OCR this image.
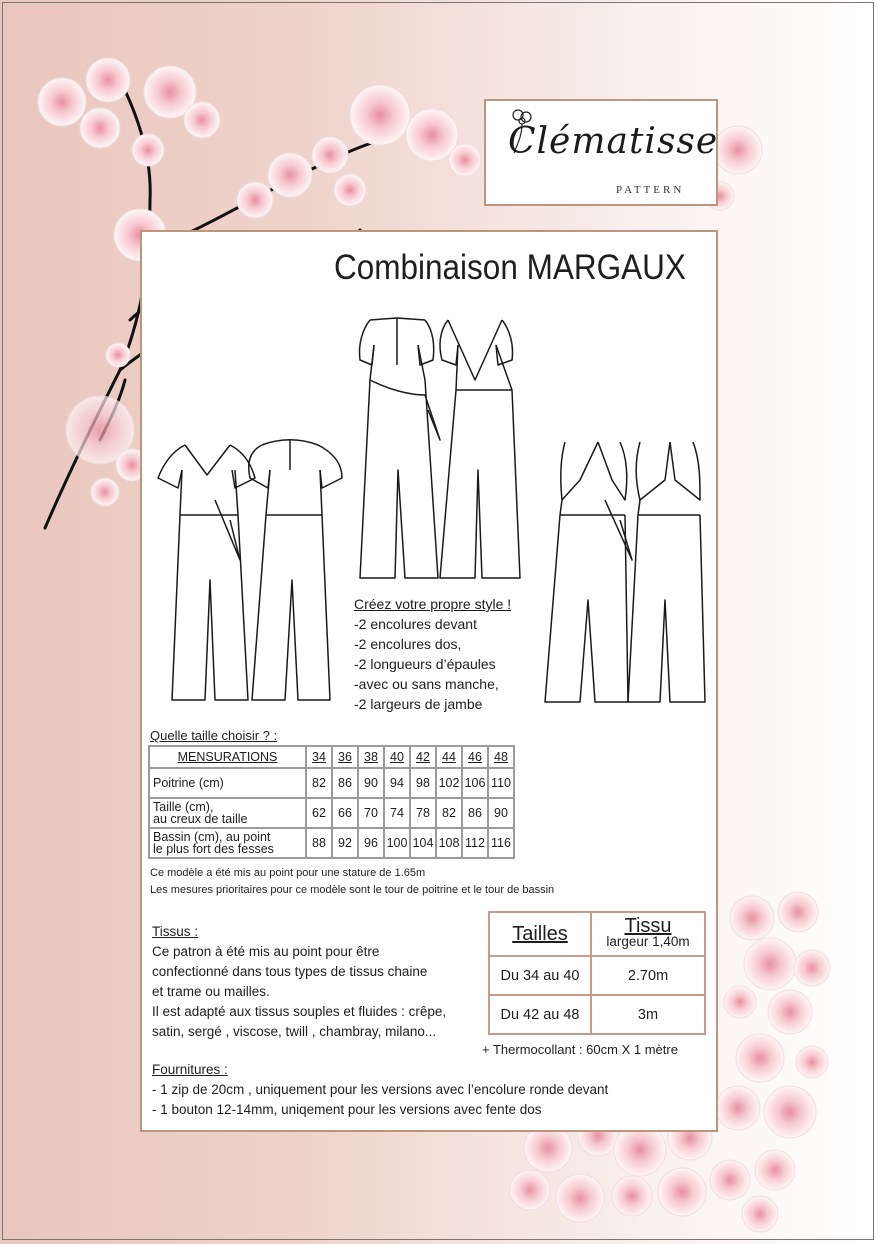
Clématisse
PATTERN
Combinaison MARGAUX
Créez votre propre style !
-2 encolures devant
-2 encolures dos,
-2 longueurs d’épaules
-avec ou sans manche,
-2 largeurs de jambe
Quelle taille choisir ? :
MENSURATIONS	34	36	38	40	42	44	46	48

Poitrine (cm)	82	86	90	94	98	102	106	110

Taille (cm),
au creux de taille	62	66	70	74	78	82	86	90

Bassin (cm), au point
le plus fort des fesses	88	92	96	100	104	108	112	116
Ce modèle a été mis au point pour une stature de 1.65m
Les mesures prioritaires pour ce modèle sont le tour de poitrine et le tour de bassin
Tissus :
Ce patron à été mis au point pour être
confectionné dans tous types de tissus chaine
et trame ou mailles.
Il est adapté aux tissus souples et fluides : crêpe,
satin, sergé , viscose, twill , chambray, milano...
Tailles	Tissu
largeur 1,40m

Du 34 au 40	2.70m
Du 42 au 48	3m
+ Thermocollant : 60cm X 1 mètre
Fournitures :
- 1 zip de 20cm , uniquement pour les versions avec l’encolure ronde devant
- 1 bouton 12-14mm, uniqement pour les versions avec fente dos
